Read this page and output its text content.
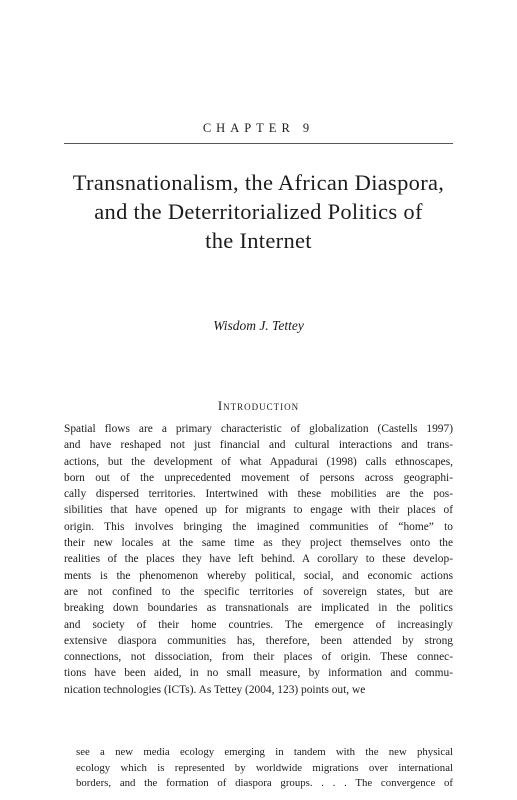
CHAPTER 9
Transnationalism, the African Diaspora,
and the Deterritorialized Politics of
the Internet
Wisdom J. Tettey
Introduction

Spatial flows are a primary characteristic of globalization (Castells 1997)
and have reshaped not just financial and cultural interactions and trans-
actions, but the development of what Appadurai (1998) calls ethnoscapes,
born out of the unprecedented movement of persons across geographi-
cally dispersed territories. Intertwined with these mobilities are the pos-
sibilities that have opened up for migrants to engage with their places of
origin. This involves bringing the imagined communities of “home” to
their new locales at the same time as they project themselves onto the
realities of the places they have left behind. A corollary to these develop-
ments is the phenomenon whereby political, social, and economic actions
are not confined to the specific territories of sovereign states, but are
breaking down boundaries as transnationals are implicated in the politics
and society of their home countries. The emergence of increasingly
extensive diaspora communities has, therefore, been attended by strong
connections, not dissociation, from their places of origin. These connec-
tions have been aided, in no small measure, by information and commu-
nication technologies (ICTs). As Tettey (2004, 123) points out, we

see a new media ecology emerging in tandem with the new physical
ecology which is represented by worldwide migrations over international
borders, and the formation of diaspora groups. . . . The convergence of
